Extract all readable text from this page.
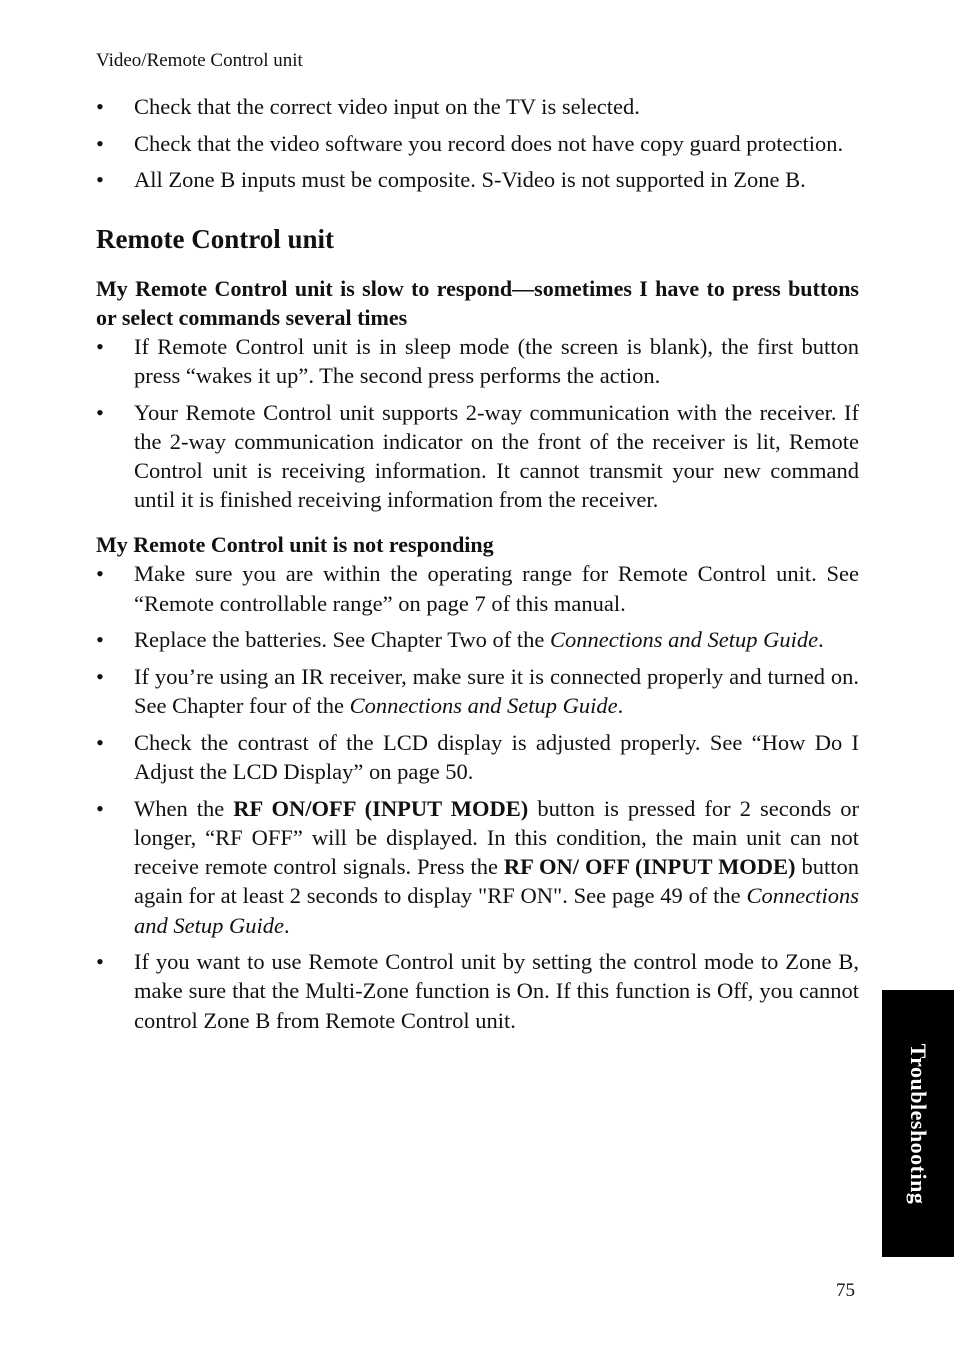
Video/Remote Control unit
• Check that the correct video input on the TV is selected.
• Check that the video software you record does not have copy guard protection.
• All Zone B inputs must be composite. S-Video is not supported in Zone B.
Remote Control unit
My Remote Control unit is slow to respond—sometimes I have to press buttons or select commands several times
• If Remote Control unit is in sleep mode (the screen is blank), the first button press “wakes it up”. The second press performs the action.
• Your Remote Control unit supports 2-way communication with the receiver. If the 2-way communication indicator on the front of the receiver is lit, Remote Control unit is receiving information. It cannot transmit your new command until it is finished receiving information from the receiver.
My Remote Control unit is not responding
• Make sure you are within the operating range for Remote Control unit. See “Remote controllable range” on page 7 of this manual.
• Replace the batteries. See Chapter Two of the Connections and Setup Guide.
• If you’re using an IR receiver, make sure it is connected properly and turned on. See Chapter four of the Connections and Setup Guide.
• Check the contrast of the LCD display is adjusted properly. See “How Do I Adjust the LCD Display” on page 50.
• When the RF ON/OFF (INPUT MODE) button is pressed for 2 seconds or longer, “RF OFF” will be displayed. In this condition, the main unit can not receive remote control signals. Press the RF ON/ OFF (INPUT MODE) button again for at least 2 seconds to display "RF ON". See page 49 of the Connections and Setup Guide.
• If you want to use Remote Control unit by setting the control mode to Zone B, make sure that the Multi-Zone function is On. If this function is Off, you cannot control Zone B from Remote Control unit.
Troubleshooting
75
